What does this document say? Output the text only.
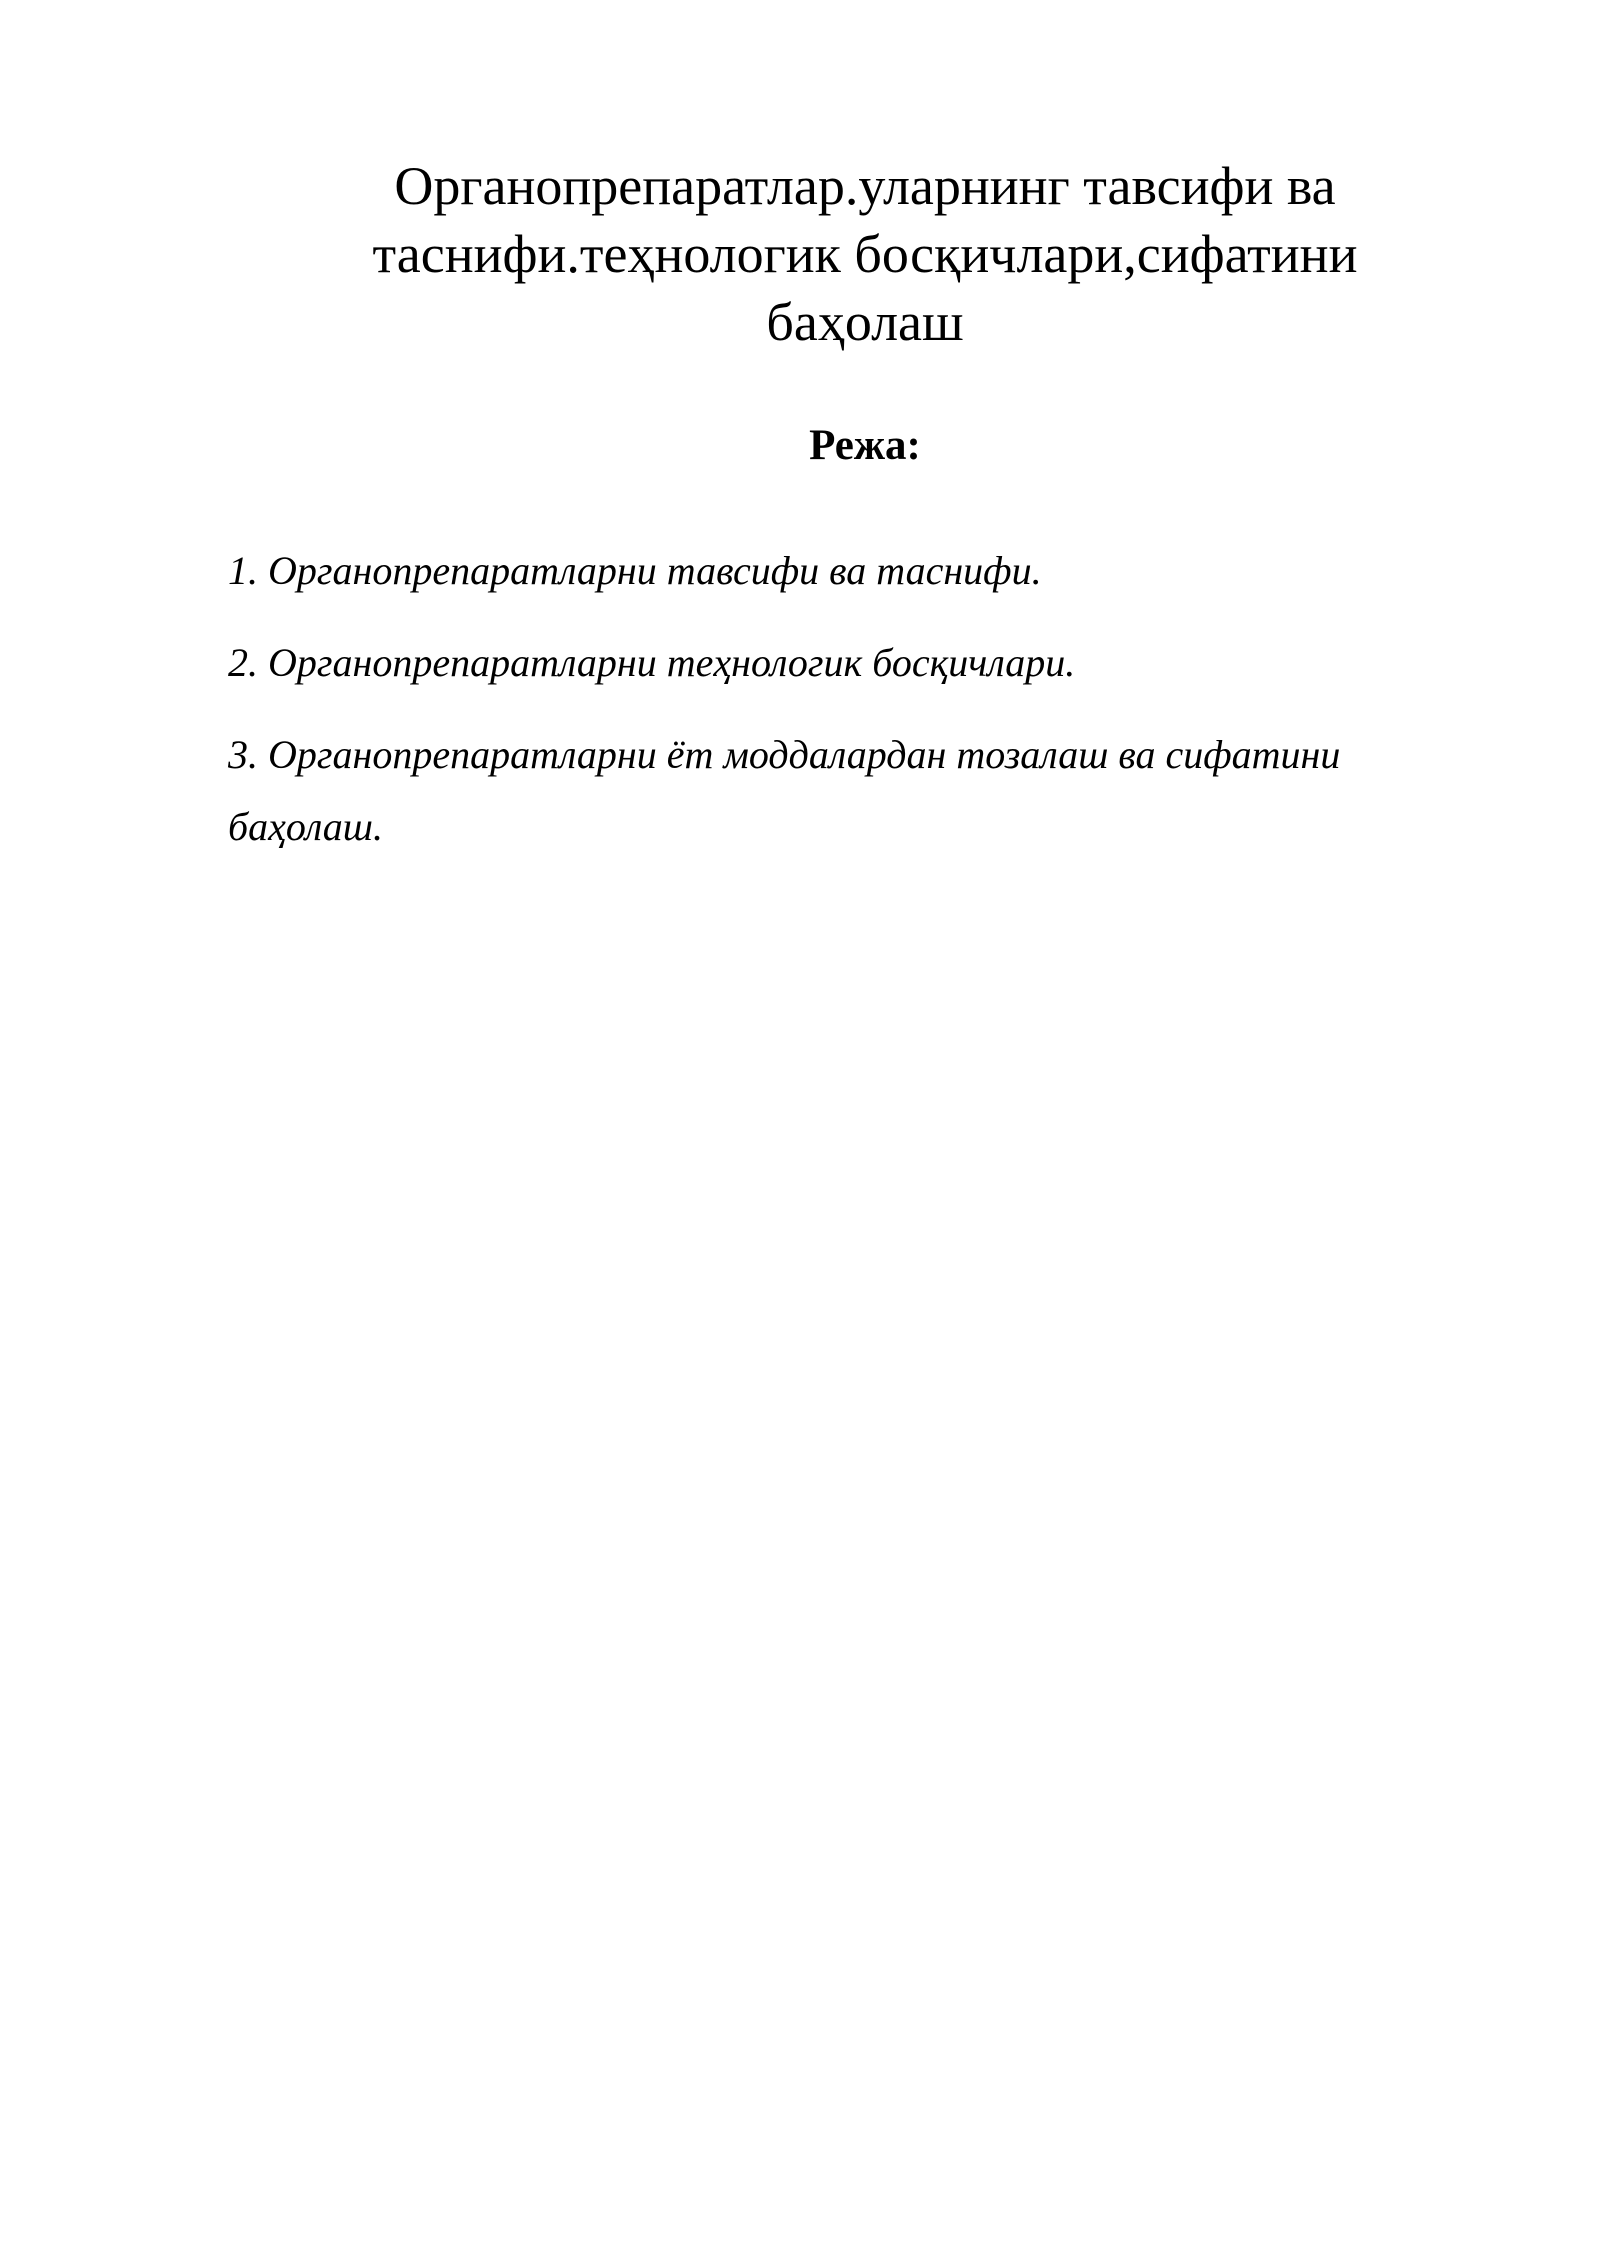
Органопрепаратлар.уларнинг тавсифи ва
таснифи.теҳнологик босқичлари,сифатини
баҳолаш
Режа:
1. Органопрепаратларни тавсифи ва таснифи.
2. Органопрепаратларни теҳнологик босқичлари.
3. Органопрепаратларни ёт моддалардан тозалаш ва сифатини баҳолаш.
